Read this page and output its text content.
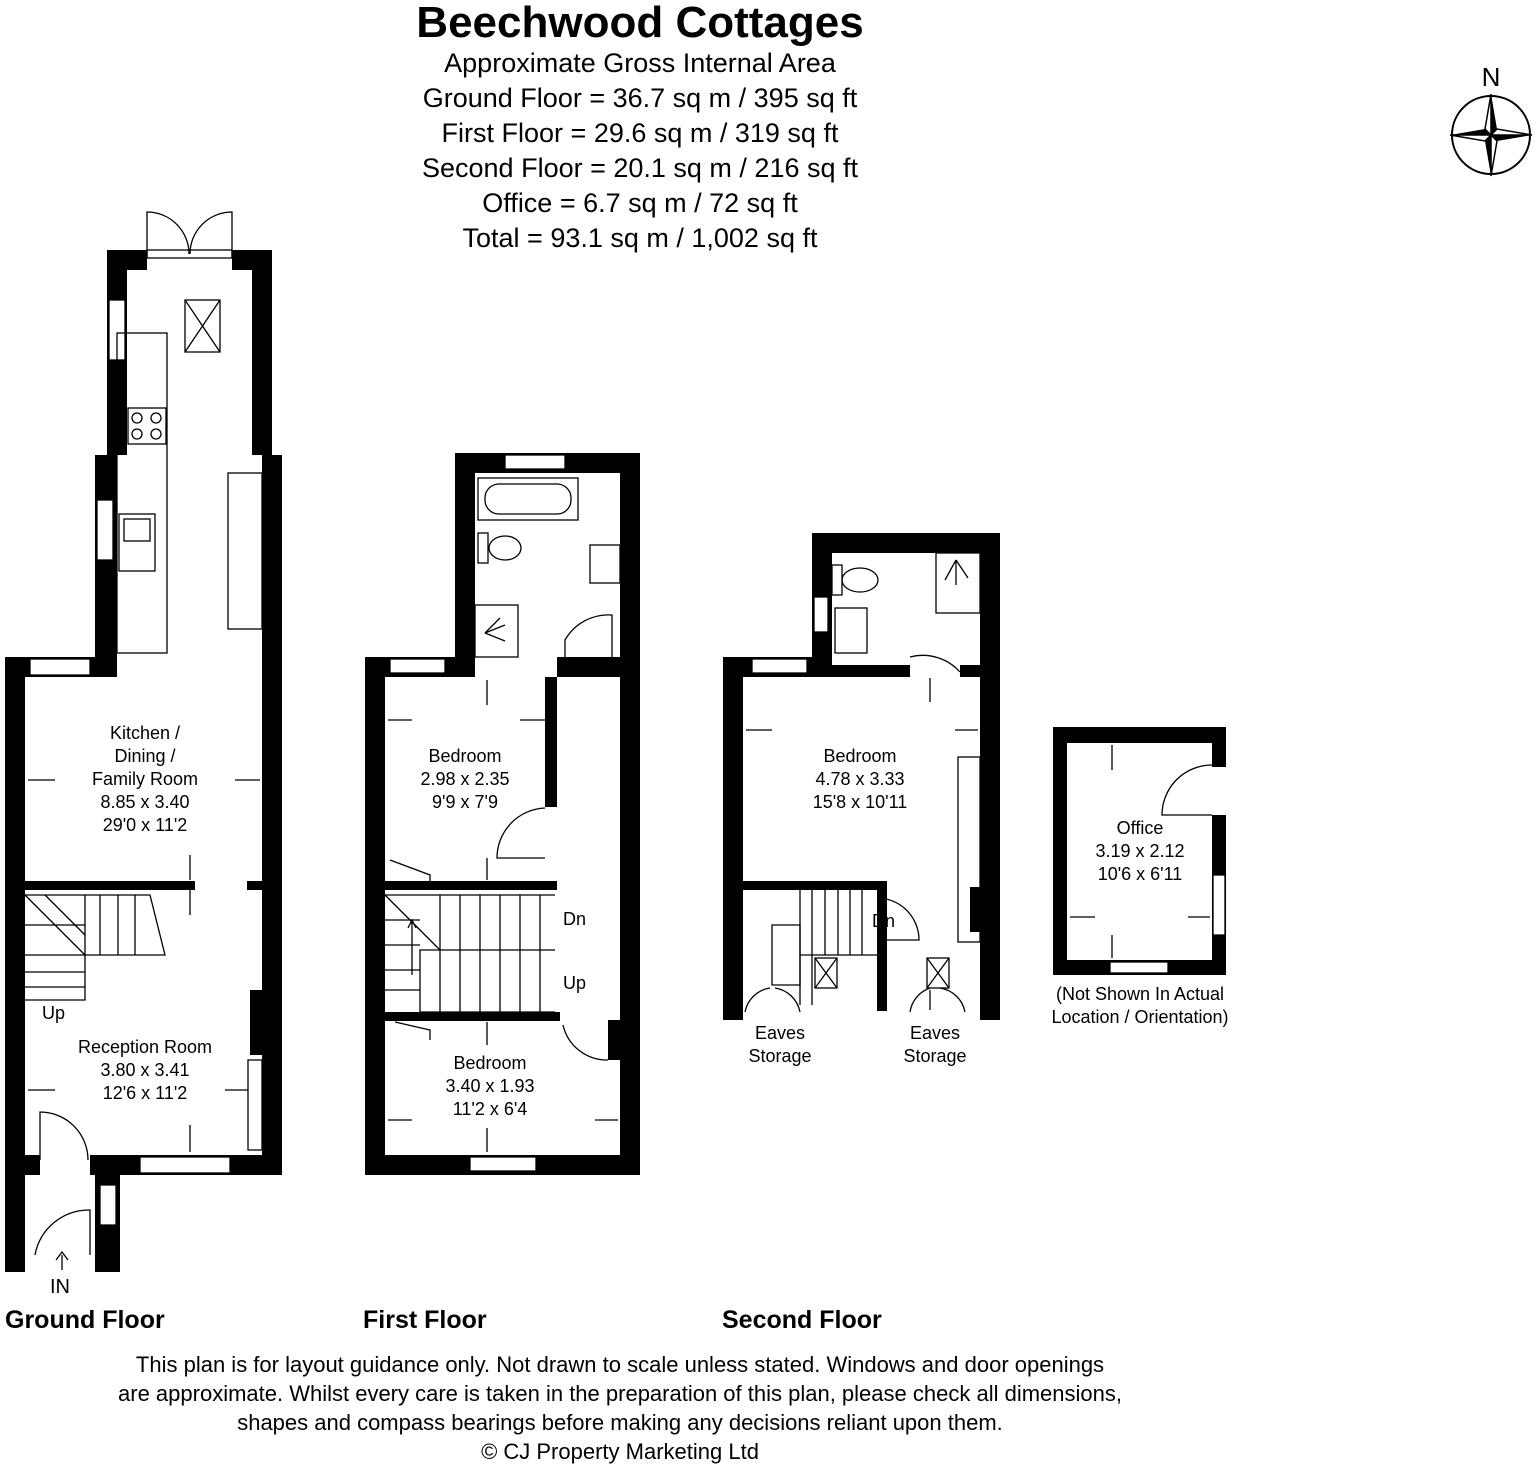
Beechwood Cottages
Approximate Gross Internal Area
Ground Floor = 36.7 sq m / 395 sq ft
First Floor = 29.6 sq m / 319 sq ft
Second Floor = 20.1 sq m / 216 sq ft
Office = 6.7 sq m / 72 sq ft
Total = 93.1 sq m / 1,002 sq ft
N
Kitchen /
Dining /
Family Room
8.85 x 3.40
29'0 x 11'2
Up
Reception Room
3.80 x 3.41
12'6 x 11'2
IN
Ground Floor
Bedroom
2.98 x 2.35
9'9 x 7'9
Dn
Up
Bedroom
3.40 x 1.93
11'2 x 6'4
First Floor
Bedroom
4.78 x 3.33
15'8 x 10'11
Dn
Eaves
Storage
Eaves
Storage
Second Floor
Office
3.19 x 2.12
10'6 x 6'11
(Not Shown In Actual
Location / Orientation)
This plan is for layout guidance only. Not drawn to scale unless stated. Windows and door openings
are approximate. Whilst every care is taken in the preparation of this plan, please check all dimensions,
shapes and compass bearings before making any decisions reliant upon them.
© CJ Property Marketing Ltd
